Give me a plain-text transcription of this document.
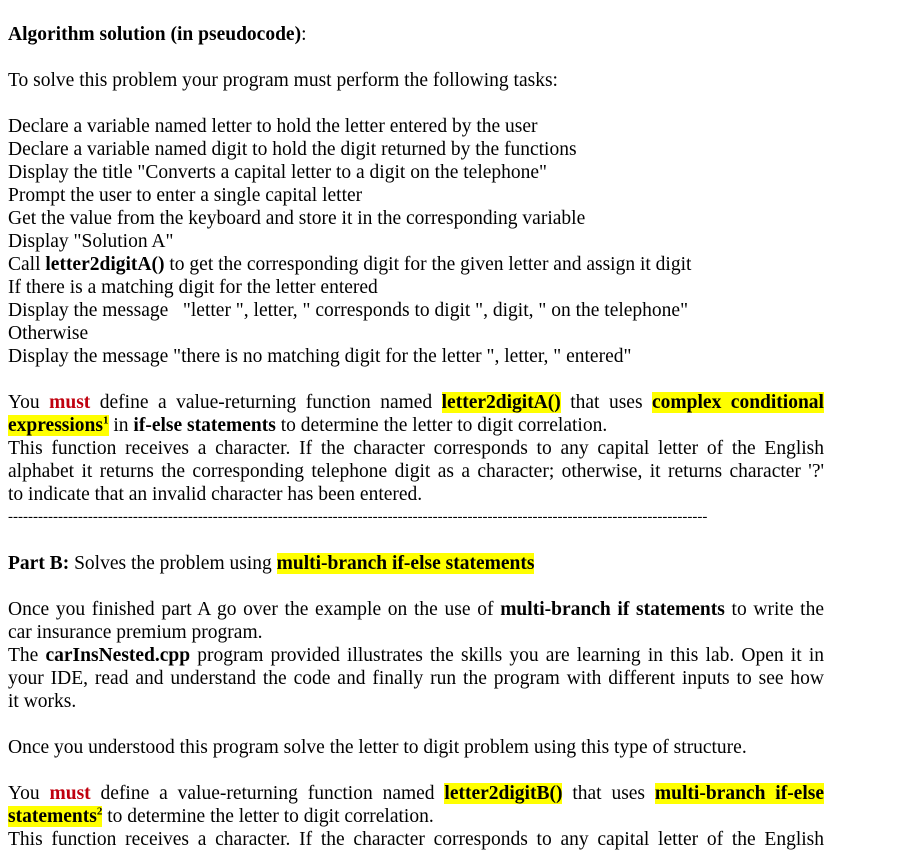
Algorithm solution (in pseudocode):
To solve this problem your program must perform the following tasks:
Declare a variable named letter to hold the letter entered by the user
Declare a variable named digit to hold the digit returned by the functions
Display the title "Converts a capital letter to a digit on the telephone"
Prompt the user to enter a single capital letter
Get the value from the keyboard and store it in the corresponding variable
Display "Solution A"
Call letter2digitA() to get the corresponding digit for the given letter and assign it digit
If there is a matching digit for the letter entered
Display the message   "letter ", letter, " corresponds to digit ", digit, " on the telephone"
Otherwise
Display the message "there is no matching digit for the letter ", letter, " entered"
You must define a value-returning function named letter2digitA() that uses complex conditional
expressions$^1$ in if-else statements to determine the letter to digit correlation.
This function receives a character. If the character corresponds to any capital letter of the English
alphabet it returns the corresponding telephone digit as a character; otherwise, it returns character '?'
to indicate that an invalid character has been entered.
--------------------------------------------------------------------------------------------------------------------------------------------
Part B: Solves the problem using multi-branch if-else statements
Once you finished part A go over the example on the use of multi-branch if statements to write the
car insurance premium program.
The carInsNested.cpp program provided illustrates the skills you are learning in this lab. Open it in
your IDE, read and understand the code and finally run the program with different inputs to see how
it works.
Once you understood this program solve the letter to digit problem using this type of structure.
You must define a value-returning function named letter2digitB() that uses multi-branch if-else
statements$^2$ to determine the letter to digit correlation.
This function receives a character. If the character corresponds to any capital letter of the English
